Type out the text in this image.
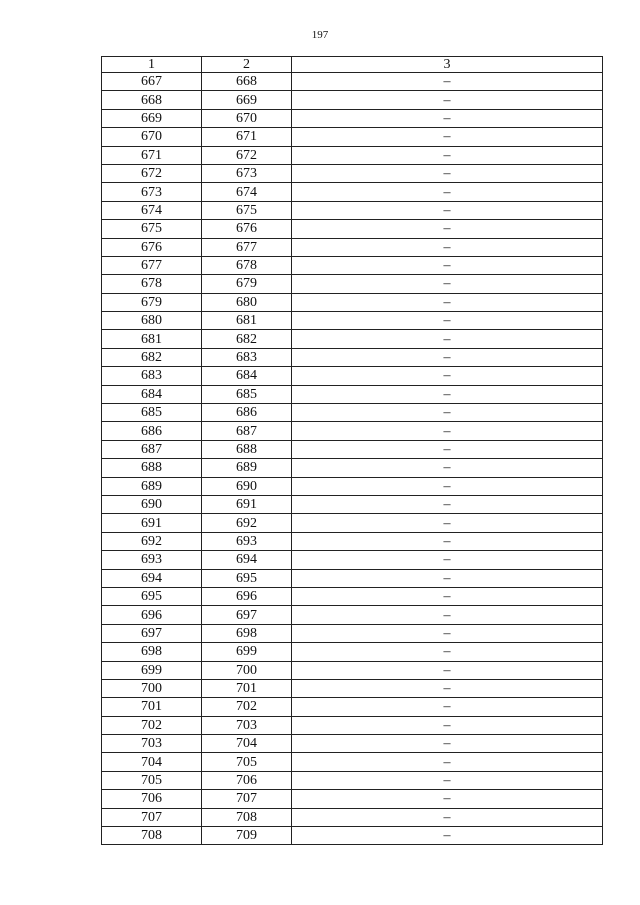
197
1	2	3
667	668	–
668	669	–
669	670	–
670	671	–
671	672	–
672	673	–
673	674	–
674	675	–
675	676	–
676	677	–
677	678	–
678	679	–
679	680	–
680	681	–
681	682	–
682	683	–
683	684	–
684	685	–
685	686	–
686	687	–
687	688	–
688	689	–
689	690	–
690	691	–
691	692	–
692	693	–
693	694	–
694	695	–
695	696	–
696	697	–
697	698	–
698	699	–
699	700	–
700	701	–
701	702	–
702	703	–
703	704	–
704	705	–
705	706	–
706	707	–
707	708	–
708	709	–
